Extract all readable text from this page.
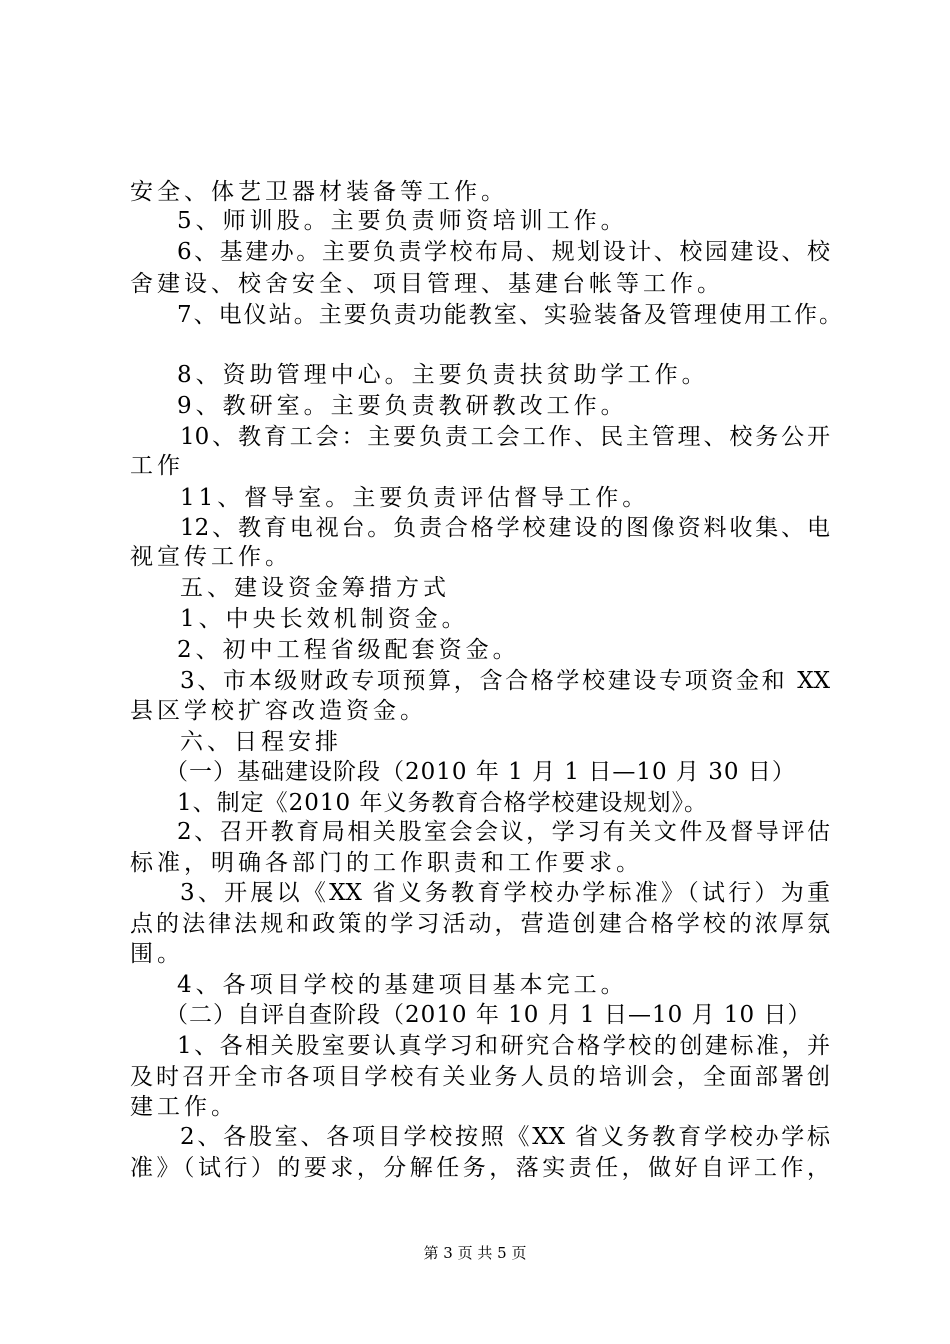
安全、体艺卫器材装备等工作。
5、师训股。主要负责师资培训工作。
6、基建办。主要负责学校布局、规划设计、校园建设、校
舍建设、校舍安全、项目管理、基建台帐等工作。
7、电仪站。主要负责功能教室、实验装备及管理使用工作。
8、资助管理中心。主要负责扶贫助学工作。
9、教研室。主要负责教研教改工作。
10、教育工会：主要负责工会工作、民主管理、校务公开
工作
11、督导室。主要负责评估督导工作。
12、教育电视台。负责合格学校建设的图像资料收集、电
视宣传工作。
五、建设资金筹措方式
1、中央长效机制资金。
2、初中工程省级配套资金。
3、市本级财政专项预算，含合格学校建设专项资金和 XX
县区学校扩容改造资金。
六、日程安排
（一）基础建设阶段（2010 年 1 月 1 日—10 月 30 日）
1、制定《2010 年义务教育合格学校建设规划》。
2、召开教育局相关股室会会议，学习有关文件及督导评估
标准，明确各部门的工作职责和工作要求。
3、开展以《XX 省义务教育学校办学标准》（试行）为重
点的法律法规和政策的学习活动，营造创建合格学校的浓厚氛
围。
4、各项目学校的基建项目基本完工。
（二）自评自查阶段（2010 年 10 月 1 日—10 月 10 日）
1、各相关股室要认真学习和研究合格学校的创建标准，并
及时召开全市各项目学校有关业务人员的培训会，全面部署创
建工作。
2、各股室、各项目学校按照《XX 省义务教育学校办学标
准》（试行）的要求，分解任务，落实责任，做好自评工作，
第 3 页 共 5 页
